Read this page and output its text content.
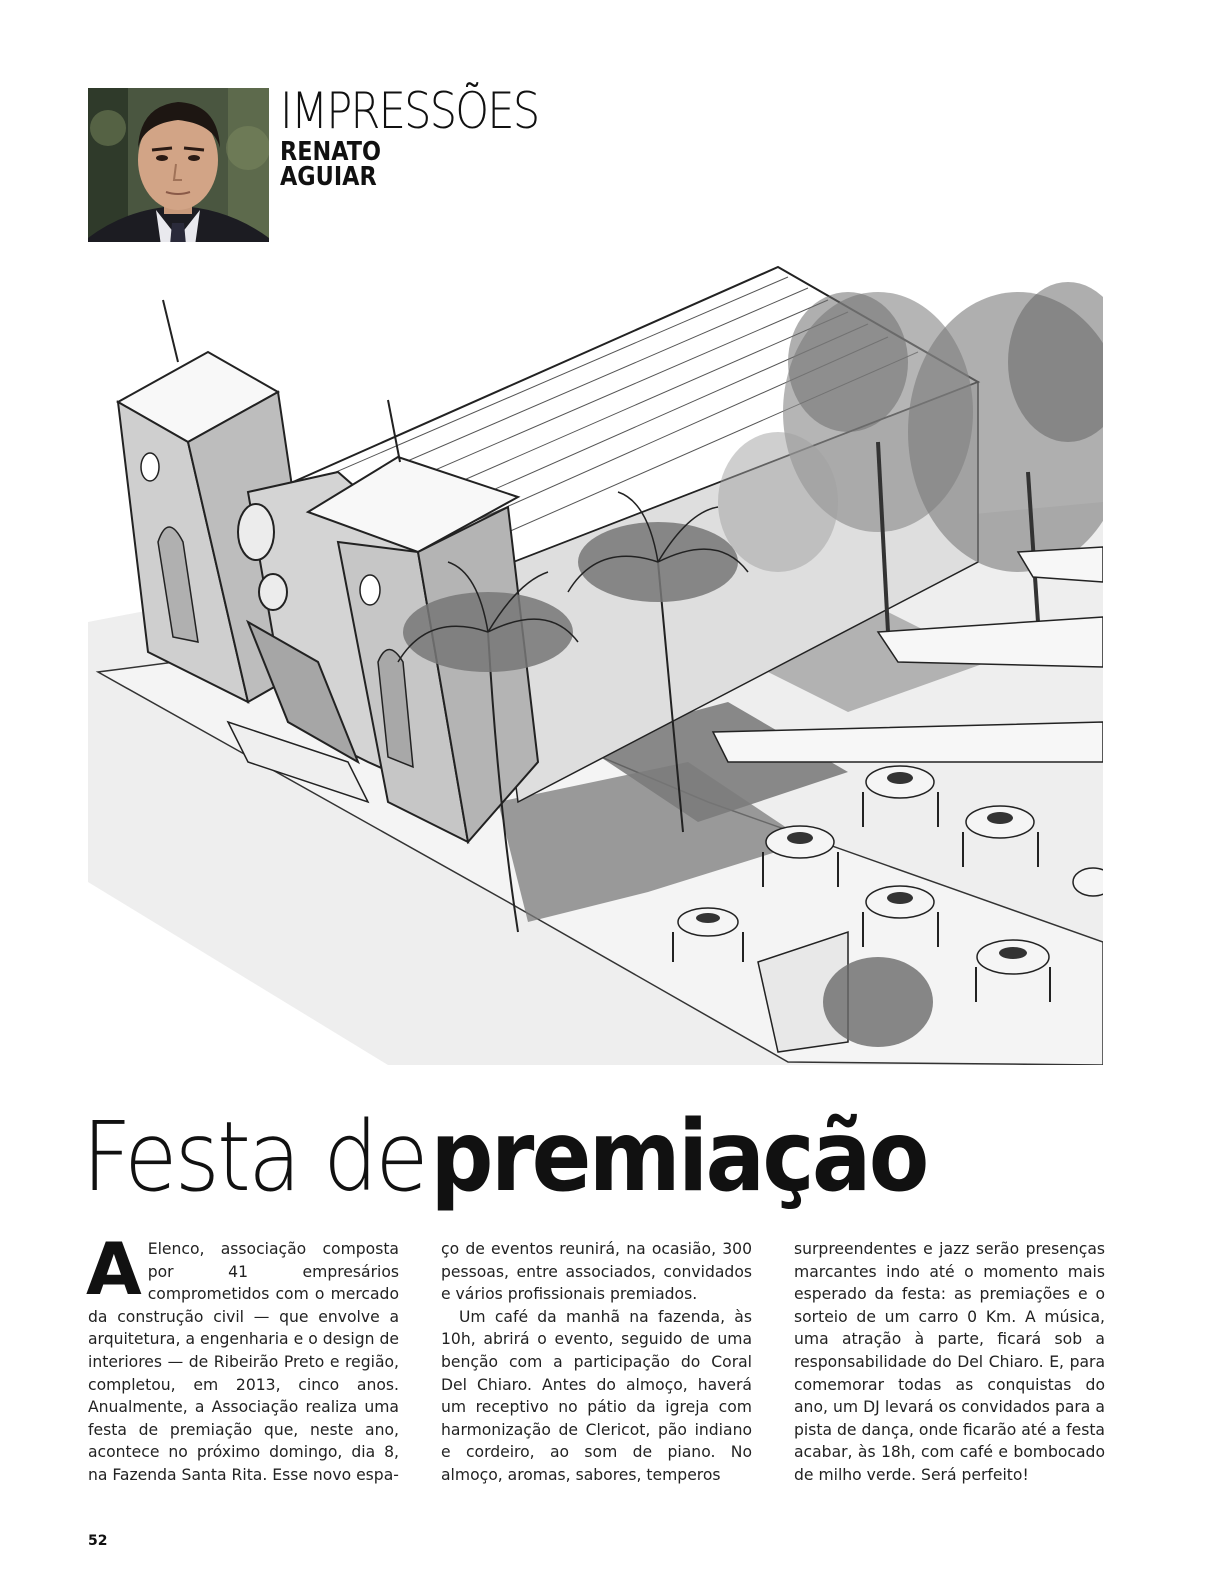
IMPRESSÕES
RENATO
AGUIAR
Festa de premiação
A Elenco, associação composta por 41 empresários comprometidos com o mercado da construção civil — que envolve a arquitetura, a engenharia e o design de interiores — de Ribeirão Preto e região, completou, em 2013, cinco anos. Anualmente, a Associação realiza uma festa de premiação que, neste ano, acontece no próximo domingo, dia 8, na Fazenda Santa Rita. Esse novo espa-

ço de eventos reunirá, na ocasião, 300 pessoas, entre associados, convidados e vários profissionais premiados.

Um café da manhã na fazenda, às 10h, abrirá o evento, seguido de uma benção com a participação do Coral Del Chiaro. Antes do almoço, haverá um receptivo no pátio da igreja com harmonização de Clericot, pão indiano e cordeiro, ao som de piano. No almoço, aromas, sabores, temperos

surpreendentes e jazz serão presenças marcantes indo até o momento mais esperado da festa: as premiações e o sorteio de um carro 0 Km. A música, uma atração à parte, ficará sob a responsabilidade do Del Chiaro. E, para comemorar todas as conquistas do ano, um DJ levará os convidados para a pista de dança, onde ficarão até a festa acabar, às 18h, com café e bombocado de milho verde. Será perfeito!

52
